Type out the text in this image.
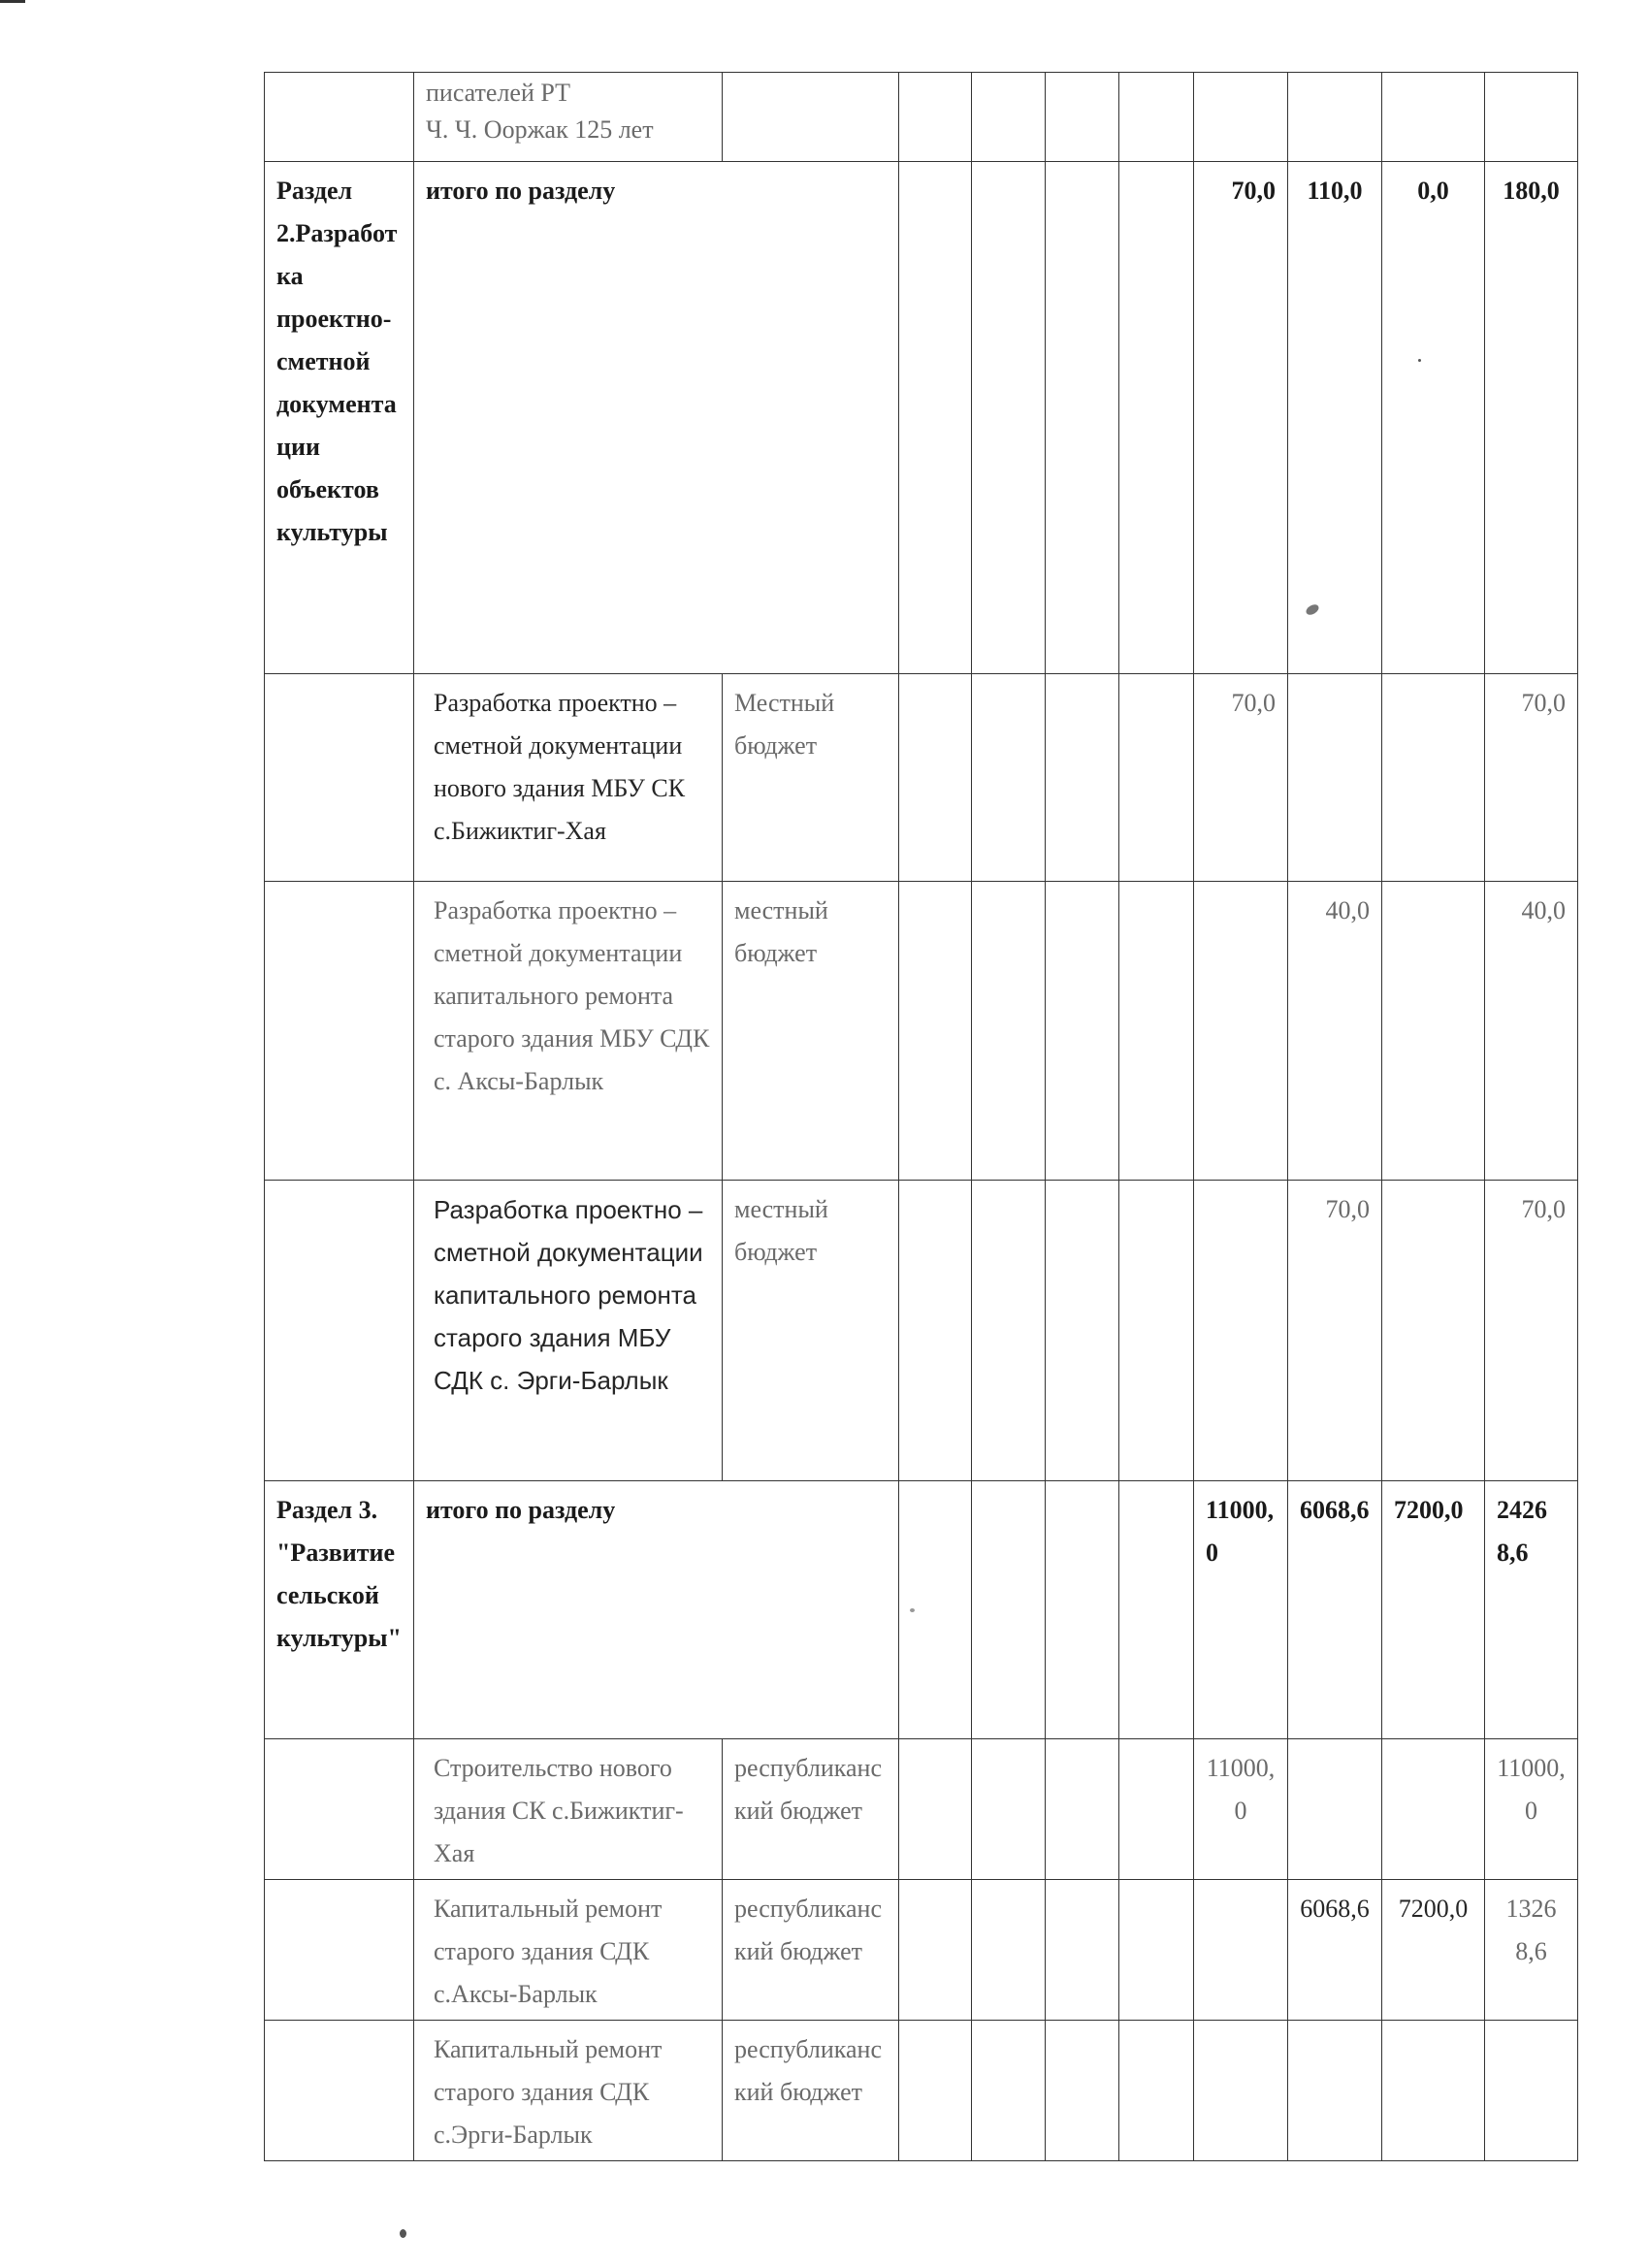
	писателей РТ
Ч. Ч. Ооржак 125 лет									
Раздел 2.Разработка проектно-сметной документации объектов культуры	итого по разделу						70,0	110,0	0,0	180,0
	Разработка проектно – сметной документации нового здания МБУ СК с.Бижиктиг-Хая	Местный бюджет					70,0			70,0
	Разработка проектно – сметной документации капитального ремонта старого здания МБУ СДК с. Аксы-Барлык	местный бюджет						40,0		40,0
	Разработка проектно – сметной документации капитального ремонта старого здания МБУ СДК с. Эрги-Барлык	местный бюджет						70,0		70,0
Раздел 3. "Развитие сельской культуры"	итого по разделу						11000,0	6068,6	7200,0	24268,6
	Строительство нового здания СК с.Бижиктиг-Хая	республиканский бюджет					11000,0			11000,0
	Капитальный ремонт старого здания СДК с.Аксы-Барлык	республиканский бюджет						6068,6	7200,0	13268,6
	Капитальный ремонт старого здания СДК с.Эрги-Барлык	республиканский бюджет								
